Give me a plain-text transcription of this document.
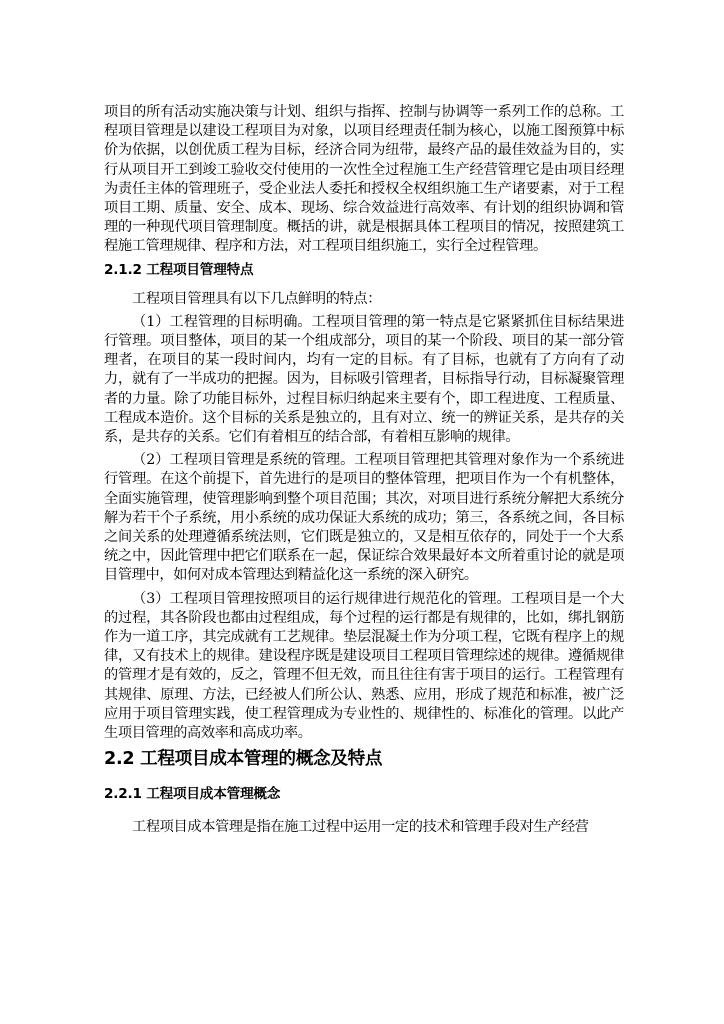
项目的所有活动实施决策与计划、组织与指挥、控制与协调等一系列工作的总称。工程项目管理是以建设工程项目为对象，以项目经理责任制为核心，以施工图预算中标价为依据，以创优质工程为目标，经济合同为纽带，最终产品的最佳效益为目的，实行从项目开工到竣工验收交付使用的一次性全过程施工生产经营管理它是由项目经理为责任主体的管理班子，受企业法人委托和授权全权组织施工生产诸要素，对于工程项目工期、质量、安全、成本、现场、综合效益进行高效率、有计划的组织协调和管理的一种现代项目管理制度。概括的讲，就是根据具体工程项目的情况，按照建筑工程施工管理规律、程序和方法，对工程项目组织施工，实行全过程管理。

2.1.2 工程项目管理特点

工程项目管理具有以下几点鲜明的特点：

（1）工程管理的目标明确。工程项目管理的第一特点是它紧紧抓住目标结果进行管理。项目整体，项目的某一个组成部分，项目的某一个阶段、项目的某一部分管理者，在项目的某一段时间内，均有一定的目标。有了目标，也就有了方向有了动力，就有了一半成功的把握。因为，目标吸引管理者，目标指导行动，目标凝聚管理者的力量。除了功能目标外，过程目标归纳起来主要有个，即工程进度、工程质量、工程成本造价。这个目标的关系是独立的，且有对立、统一的辨证关系，是共存的关系，是共存的关系。它们有着相互的结合部，有着相互影响的规律。

（2）工程项目管理是系统的管理。工程项目管理把其管理对象作为一个系统进行管理。在这个前提下，首先进行的是项目的整体管理，把项目作为一个有机整体，全面实施管理，使管理影响到整个项目范围；其次，对项目进行系统分解把大系统分解为若干个子系统，用小系统的成功保证大系统的成功；第三，各系统之间，各目标之间关系的处理遵循系统法则，它们既是独立的，又是相互依存的，同处于一个大系统之中，因此管理中把它们联系在一起，保证综合效果最好本文所着重讨论的就是项目管理中，如何对成本管理达到精益化这一系统的深入研究。

（3）工程项目管理按照项目的运行规律进行规范化的管理。工程项目是一个大的过程，其各阶段也都由过程组成，每个过程的运行都是有规律的，比如，绑扎钢筋作为一道工序，其完成就有工艺规律。垫层混凝土作为分项工程，它既有程序上的规律，又有技术上的规律。建设程序既是建设项目工程项目管理综述的规律。遵循规律的管理才是有效的，反之，管理不但无效，而且往往有害于项目的运行。工程管理有其规律、原理、方法，已经被人们所公认、熟悉、应用，形成了规范和标准，被广泛应用于项目管理实践，使工程管理成为专业性的、规律性的、标准化的管理。以此产生项目管理的高效率和高成功率。

2.2 工程项目成本管理的概念及特点
2.2.1 工程项目成本管理概念

工程项目成本管理是指在施工过程中运用一定的技术和管理手段对生产经营
